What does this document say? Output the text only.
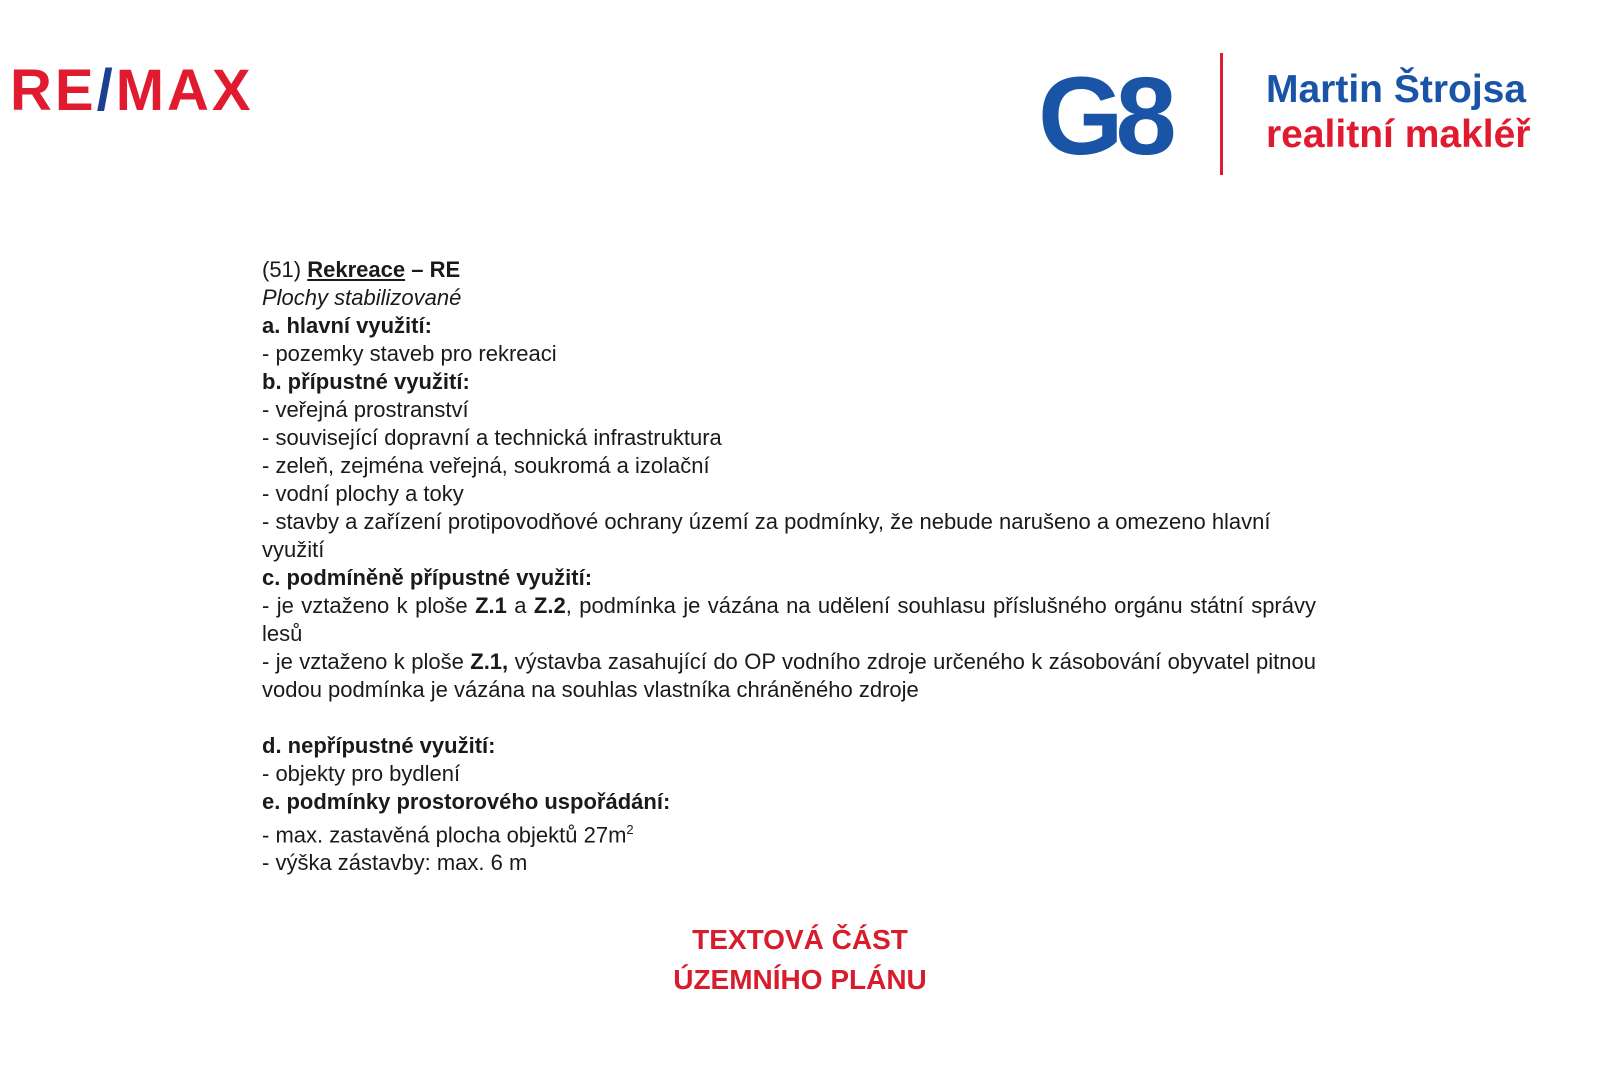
RE/MAX	G8 Martin Štrojsa
realitní makléř

(51) Rekreace – RE

Plochy stabilizované

a. hlavní využití:

- pozemky staveb pro rekreaci

b. přípustné využití:

- veřejná prostranství

- související dopravní a technická infrastruktura

- zeleň, zejména veřejná, soukromá a izolační

- vodní plochy a toky

- stavby a zařízení protipovodňové ochrany území za podmínky, že nebude narušeno a omezeno hlavní využití

c. podmíněně přípustné využití:

- je vztaženo k ploše Z.1 a Z.2, podmínka je vázána na udělení souhlasu příslušného orgánu státní správy lesů

- je vztaženo k ploše Z.1, výstavba zasahující do OP vodního zdroje určeného k zásobování obyvatel pitnou vodou podmínka je vázána na souhlas vlastníka chráněného zdroje

d. nepřípustné využití:

- objekty pro bydlení

e. podmínky prostorového uspořádání:

- max. zastavěná plocha objektů $27m^2$

- výška zástavby: max. 6 m

TEXTOVÁ ČÁST
ÚZEMNÍHO PLÁNU
